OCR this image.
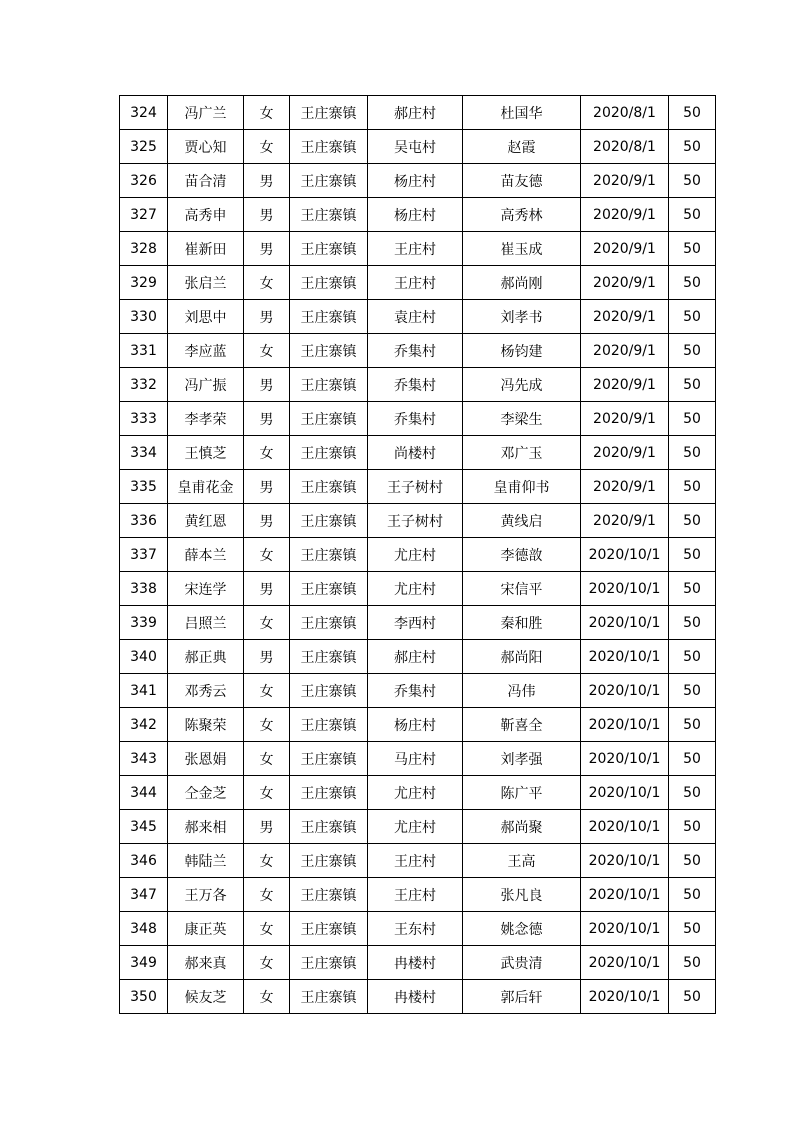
324	冯广兰	女	王庄寨镇	郝庄村	杜国华	2020/8/1	50
325	贾心知	女	王庄寨镇	吴屯村	赵霞	2020/8/1	50
326	苗合清	男	王庄寨镇	杨庄村	苗友德	2020/9/1	50
327	高秀申	男	王庄寨镇	杨庄村	高秀林	2020/9/1	50
328	崔新田	男	王庄寨镇	王庄村	崔玉成	2020/9/1	50
329	张启兰	女	王庄寨镇	王庄村	郝尚刚	2020/9/1	50
330	刘思中	男	王庄寨镇	袁庄村	刘孝书	2020/9/1	50
331	李应蓝	女	王庄寨镇	乔集村	杨钧建	2020/9/1	50
332	冯广振	男	王庄寨镇	乔集村	冯先成	2020/9/1	50
333	李孝荣	男	王庄寨镇	乔集村	李梁生	2020/9/1	50
334	王慎芝	女	王庄寨镇	尚楼村	邓广玉	2020/9/1	50
335	皇甫花金	男	王庄寨镇	王子树村	皇甫仰书	2020/9/1	50
336	黄红恩	男	王庄寨镇	王子树村	黄线启	2020/9/1	50
337	薛本兰	女	王庄寨镇	尤庄村	李德敨	2020/10/1	50
338	宋连学	男	王庄寨镇	尤庄村	宋信平	2020/10/1	50
339	吕照兰	女	王庄寨镇	李西村	秦和胜	2020/10/1	50
340	郝正典	男	王庄寨镇	郝庄村	郝尚阳	2020/10/1	50
341	邓秀云	女	王庄寨镇	乔集村	冯伟	2020/10/1	50
342	陈聚荣	女	王庄寨镇	杨庄村	靳喜全	2020/10/1	50
343	张恩娟	女	王庄寨镇	马庄村	刘孝强	2020/10/1	50
344	仝金芝	女	王庄寨镇	尤庄村	陈广平	2020/10/1	50
345	郝来相	男	王庄寨镇	尤庄村	郝尚聚	2020/10/1	50
346	韩陆兰	女	王庄寨镇	王庄村	王高	2020/10/1	50
347	王万各	女	王庄寨镇	王庄村	张凡良	2020/10/1	50
348	康正英	女	王庄寨镇	王东村	姚念德	2020/10/1	50
349	郝来真	女	王庄寨镇	冉楼村	武贵清	2020/10/1	50
350	候友芝	女	王庄寨镇	冉楼村	郭后轩	2020/10/1	50
